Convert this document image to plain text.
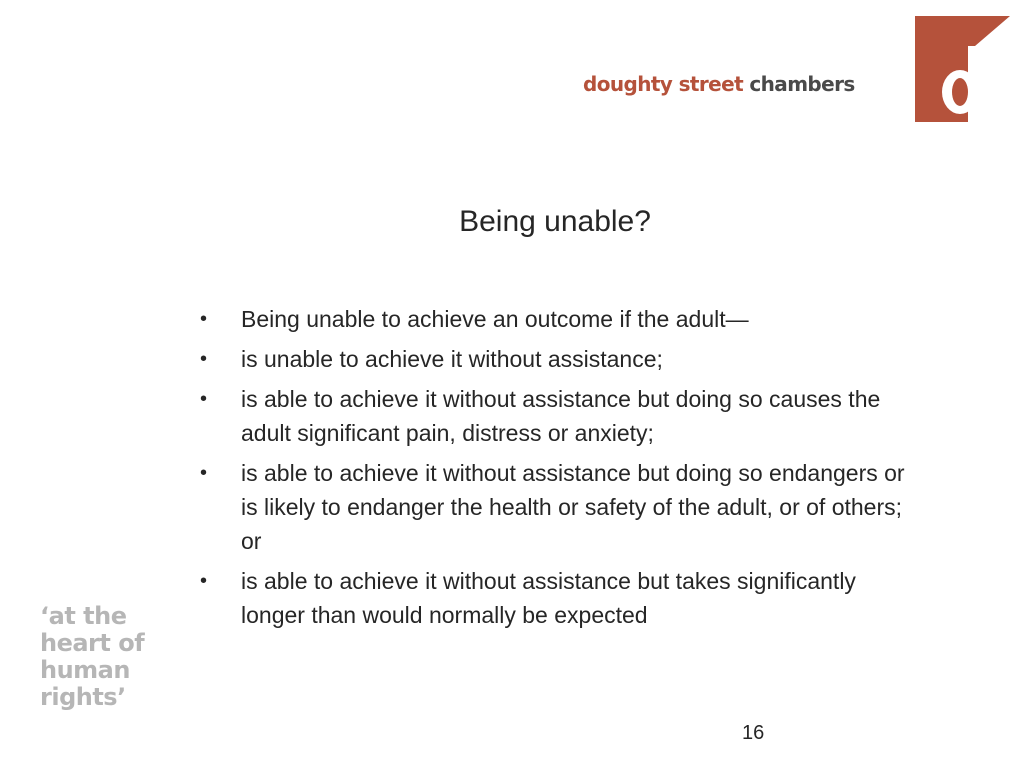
doughty street chambers
Being unable?
• Being unable to achieve an outcome if the adult—
• is unable to achieve it without assistance;
• is able to achieve it without assistance but doing so causes the adult significant pain, distress or anxiety;
• is able to achieve it without assistance but doing so endangers or is likely to endanger the health or safety of the adult, or of others; or
• is able to achieve it without assistance but takes significantly longer than would normally be expected
‘at the
heart of
human
rights’
16
